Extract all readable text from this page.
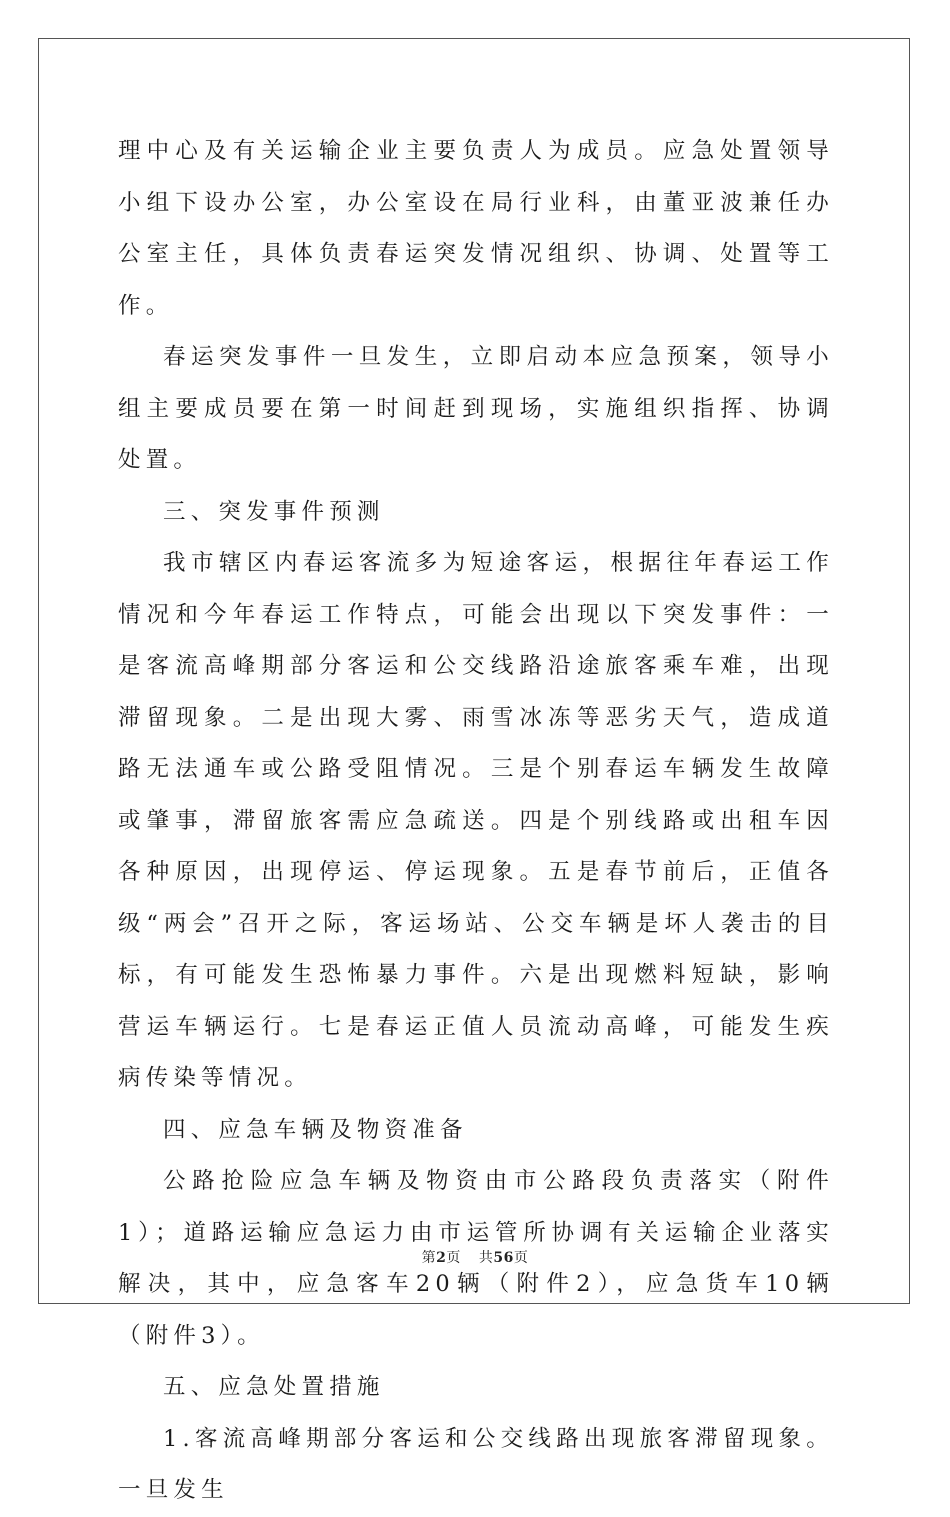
理中心及有关运输企业主要负责人为成员。应急处置领导小组下设办公室，办公室设在局行业科，由董亚波兼任办公室主任，具体负责春运突发情况组织、协调、处置等工作。

春运突发事件一旦发生，立即启动本应急预案，领导小组主要成员要在第一时间赶到现场，实施组织指挥、协调处置。

三、突发事件预测

我市辖区内春运客流多为短途客运，根据往年春运工作情况和今年春运工作特点，可能会出现以下突发事件：一是客流高峰期部分客运和公交线路沿途旅客乘车难，出现滞留现象。二是出现大雾、雨雪冰冻等恶劣天气，造成道路无法通车或公路受阻情况。三是个别春运车辆发生故障或肇事，滞留旅客需应急疏送。四是个别线路或出租车因各种原因，出现停运、停运现象。五是春节前后，正值各级“两会”召开之际，客运场站、公交车辆是坏人袭击的目标，有可能发生恐怖暴力事件。六是出现燃料短缺，影响营运车辆运行。七是春运正值人员流动高峰，可能发生疾病传染等情况。

四、应急车辆及物资准备

公路抢险应急车辆及物资由市公路段负责落实（附件1）；道路运输应急运力由市运管所协调有关运输企业落实解决，其中，应急客车20辆（附件2），应急货车10辆（附件3）。

五、应急处置措施

1.客流高峰期部分客运和公交线路出现旅客滞留现象。一旦发生

第2页 共56页
